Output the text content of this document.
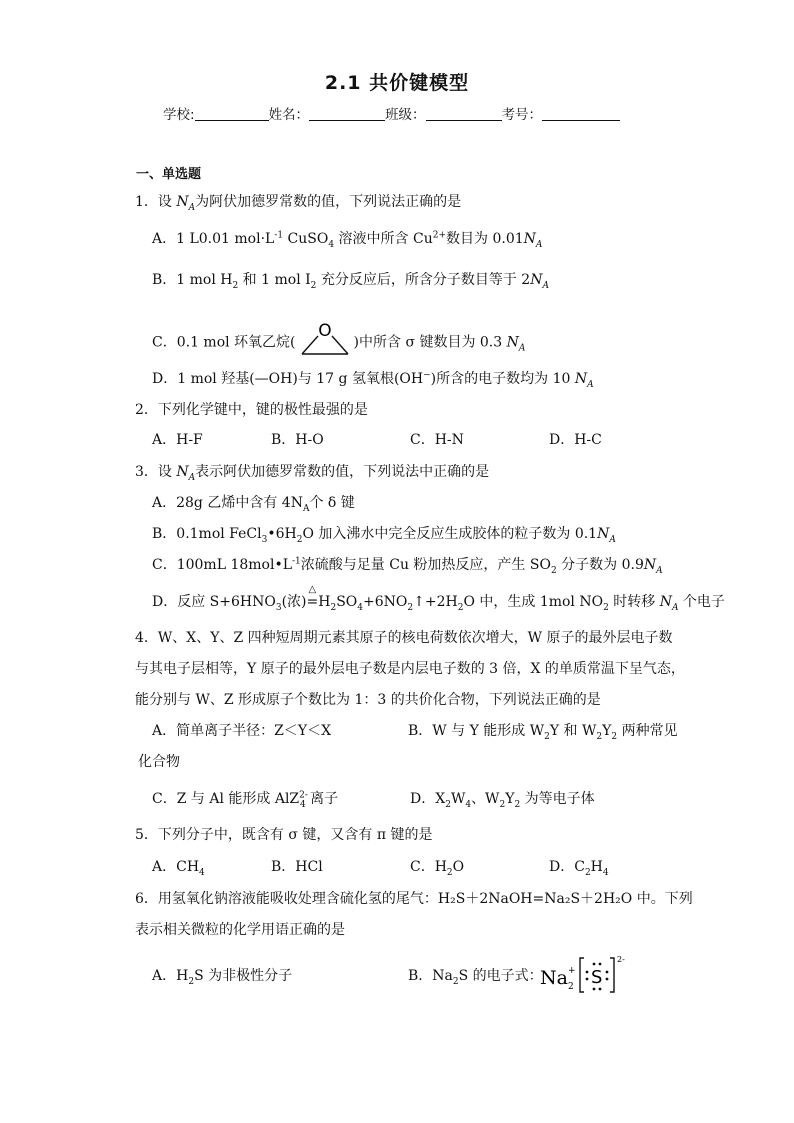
2.1 共价键模型
学校:	姓名：	班级：	考号：
一、单选题
1．设 $N_A$为阿伏加德罗常数的值，下列说法正确的是
A．1 L0.01 $mol\cdot L^{-1}$ CuSO$_4$ 溶液中所含 $Cu^{2+}$数目为 $0.01N_A$
B．1 mol $H_2$ 和 1 mol $I_2$ 充分反应后，所含分子数目等于 $2N_A$
C．0.1 mol 环氧乙烷(
O
)中所含 σ 键数目为 0.3 $N_A$
D．1 mol 羟基(—OH)与 17 g 氢氧根(OH−)所含的电子数均为 10 $N_A$
2．下列化学键中，键的极性最强的是
A．H-F	B．H-O	C．H-N	D．H-C
3．设 $N_A$表示阿伏加德罗常数的值，下列说法中正确的是
A．28g 乙烯中含有 $4N_A$个 δ 键
B．0.1mol $FeCl_3•6H_2O$ 加入沸水中完全反应生成胶体的粒子数为 $0.1N_A$
C．100mL $18mol•L^{-1}$浓硫酸与足量 Cu 粉加热反应，产生 $SO_2$ 分子数为 $0.9N_A$
D．反应 $S+6HNO_3$(浓)
△
$=H_2SO_4+6NO_2↑+2H_2O$ 中，生成 1mol $NO_2$ 时转移 $N_A$ 个电子
4．W、X、Y、Z 四种短周期元素其原子的核电荷数依次增大，W 原子的最外层电子数
与其电子层相等，Y 原子的最外层电子数是内层电子数的 3 倍，X 的单质常温下呈气态，
能分别与 W、Z 形成原子个数比为 1：3 的共价化合物，下列说法正确的是
A．简单离子半径：Z＜Y＜X	B．W 与 Y 能形成 $W_2Y$ 和 $W_2Y_2$ 两种常见
化合物
C．Z 与 Al 能形成 AlZ$^{2-}_4$ 离子	D．$X_2W_4$、$W_2Y_2$ 为等电子体
5．下列分子中，既含有 σ 键，又含有 π 键的是
A．$CH_4$	B．HCl	C．$H_2O$	D．$C_2H_4$
6．用氢氧化钠溶液能吸收处理含硫化氢的尾气：H₂S＋2NaOH=Na₂S＋2H₂O 中。下列
表示相关微粒的化学用语正确的是
A．$H_2S$ 为非极性分子	B．$Na_2S$ 的电子式：
Na +
2 S
2-
